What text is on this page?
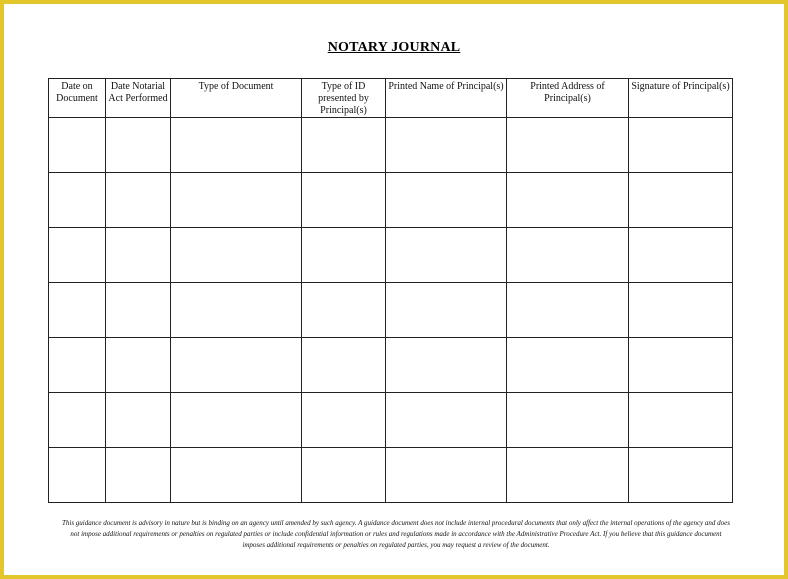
NOTARY JOURNAL
Date on Document	Date Notarial Act Performed	Type of Document	Type of ID presented by Principal(s)	Printed Name of Principal(s)	Printed Address of Principal(s)	Signature of Principal(s)

This guidance document is advisory in nature but is binding on an agency until amended by such agency. A guidance document does not include internal procedural documents that only affect the internal operations of the agency and does not impose additional requirements or penalties on regulated parties or include confidential information or rules and regulations made in accordance with the Administrative Procedure Act. If you believe that this guidance document imposes additional requirements or penalties on regulated parties, you may request a review of the document.
